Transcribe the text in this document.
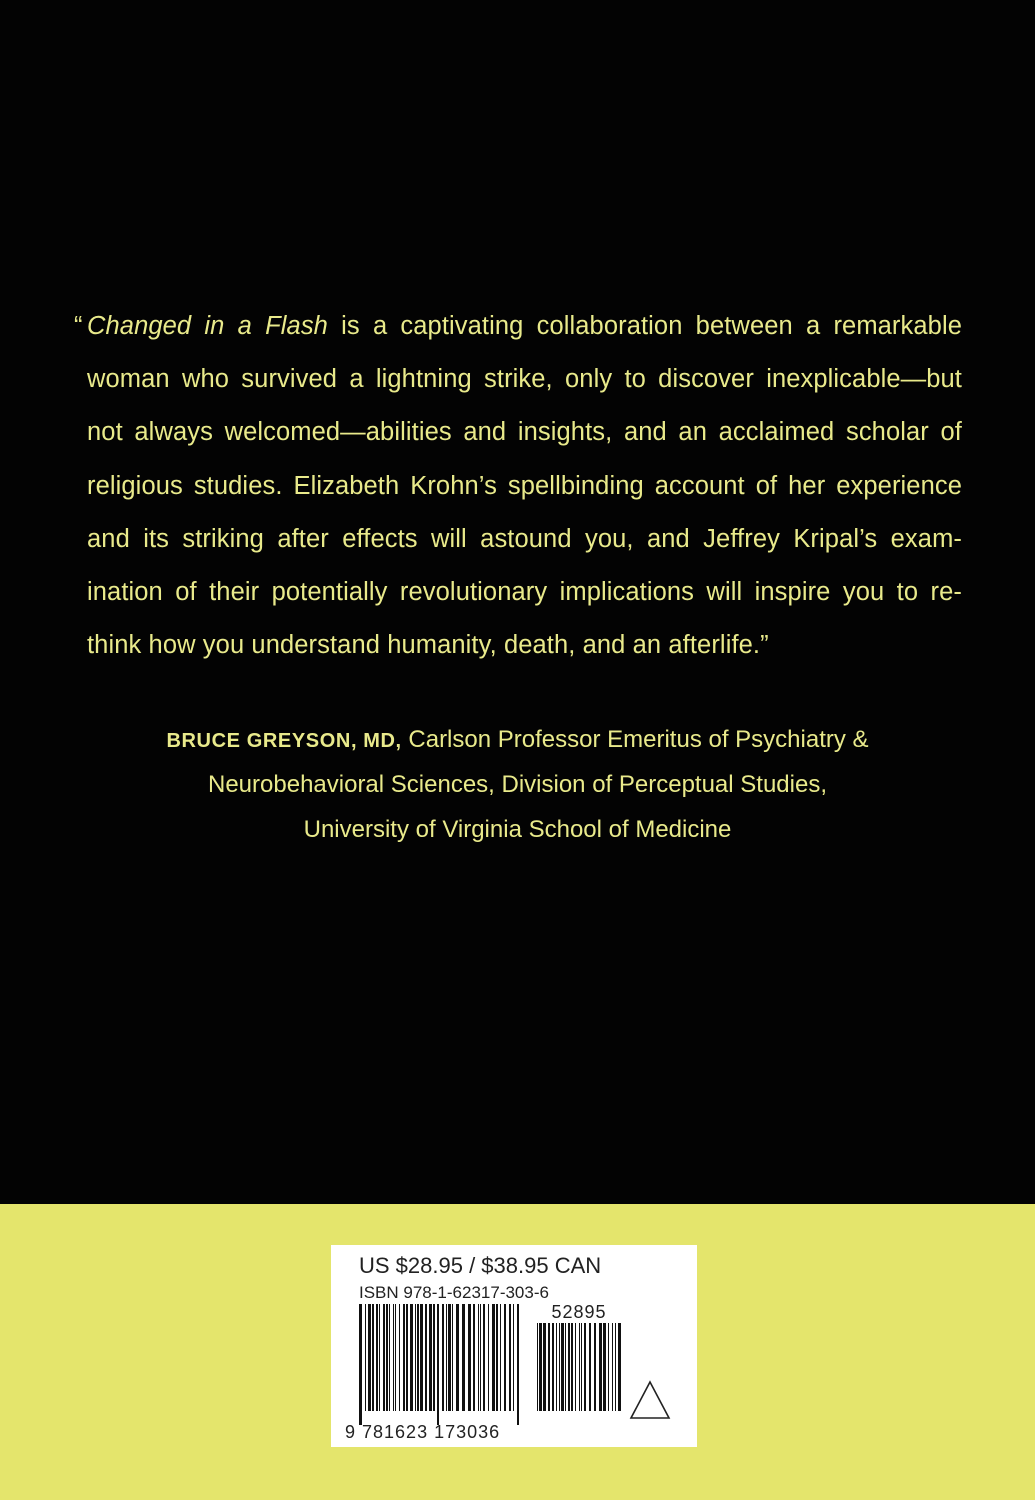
“ Changed in a Flash is a captivating collaboration between a remarkable
woman who survived a lightning strike, only to discover inexplicable—but
not always welcomed—abilities and insights, and an acclaimed scholar of
religious studies. Elizabeth Krohn’s spellbinding account of her experience
and its striking after effects will astound you, and Jeffrey Kripal’s exam-
ination of their potentially revolutionary implications will inspire you to re-
think how you understand humanity, death, and an afterlife.”
BRUCE GREYSON, MD, Carlson Professor Emeritus of Psychiatry &
Neurobehavioral Sciences, Division of Perceptual Studies,
University of Virginia School of Medicine
US $28.95 / $38.95 CAN
ISBN 978-1-62317-303-6
52895
9 781623 173036
